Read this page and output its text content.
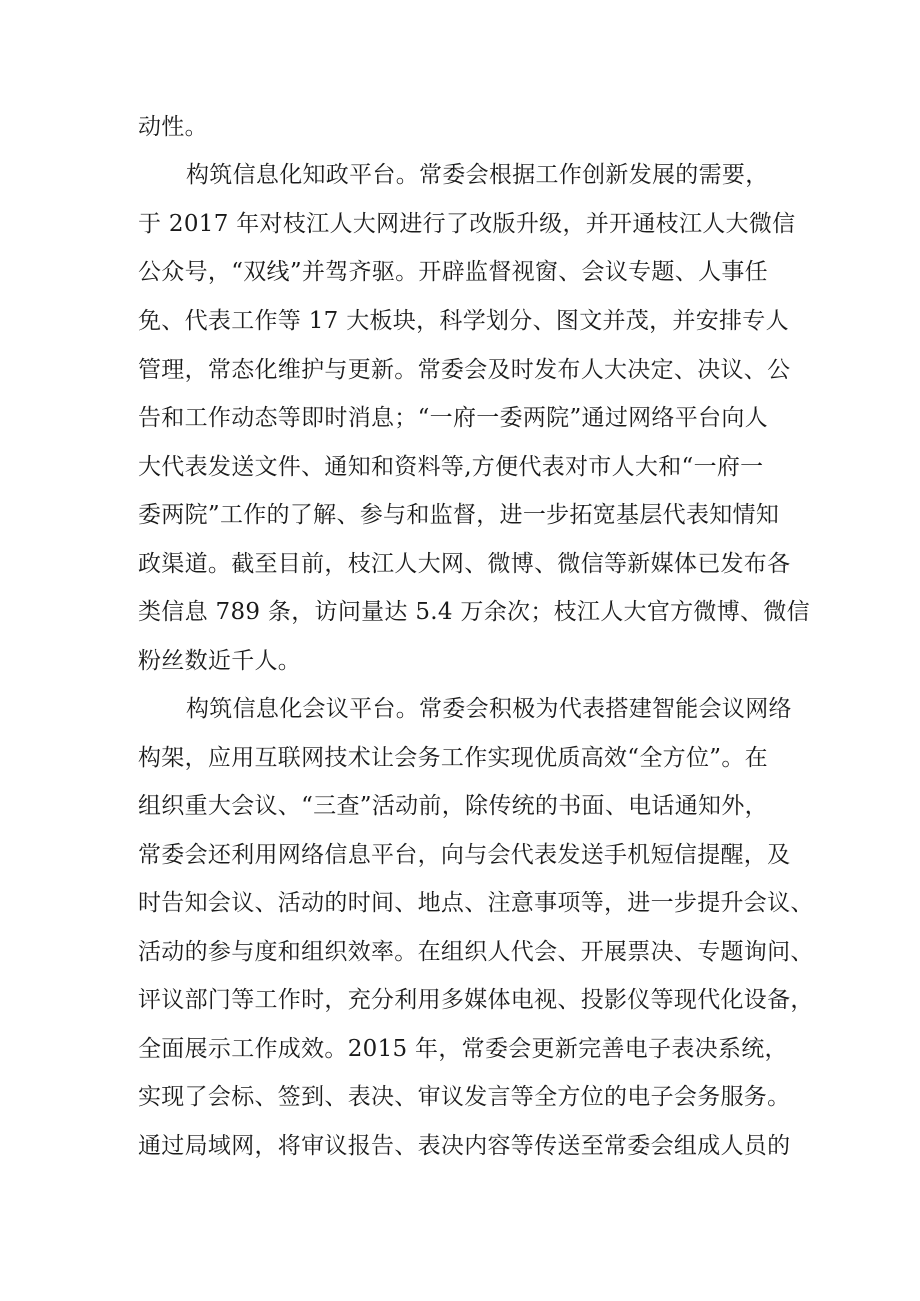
动性。
构筑信息化知政平台。常委会根据工作创新发展的需要，
于 2017 年对枝江人大网进行了改版升级，并开通枝江人大微信
公众号，“双线”并驾齐驱。开辟监督视窗、会议专题、人事任
免、代表工作等 17 大板块，科学划分、图文并茂，并安排专人
管理，常态化维护与更新。常委会及时发布人大决定、决议、公
告和工作动态等即时消息；“一府一委两院”通过网络平台向人
大代表发送文件、通知和资料等,方便代表对市人大和“一府一
委两院”工作的了解、参与和监督，进一步拓宽基层代表知情知
政渠道。截至目前，枝江人大网、微博、微信等新媒体已发布各
类信息 789 条，访问量达 5.4 万余次；枝江人大官方微博、微信
粉丝数近千人。
构筑信息化会议平台。常委会积极为代表搭建智能会议网络
构架，应用互联网技术让会务工作实现优质高效“全方位”。在
组织重大会议、“三查”活动前，除传统的书面、电话通知外，
常委会还利用网络信息平台，向与会代表发送手机短信提醒，及
时告知会议、活动的时间、地点、注意事项等，进一步提升会议、
活动的参与度和组织效率。在组织人代会、开展票决、专题询问、
评议部门等工作时，充分利用多媒体电视、投影仪等现代化设备，
全面展示工作成效。2015 年，常委会更新完善电子表决系统，
实现了会标、签到、表决、审议发言等全方位的电子会务服务。
通过局域网，将审议报告、表决内容等传送至常委会组成人员的
